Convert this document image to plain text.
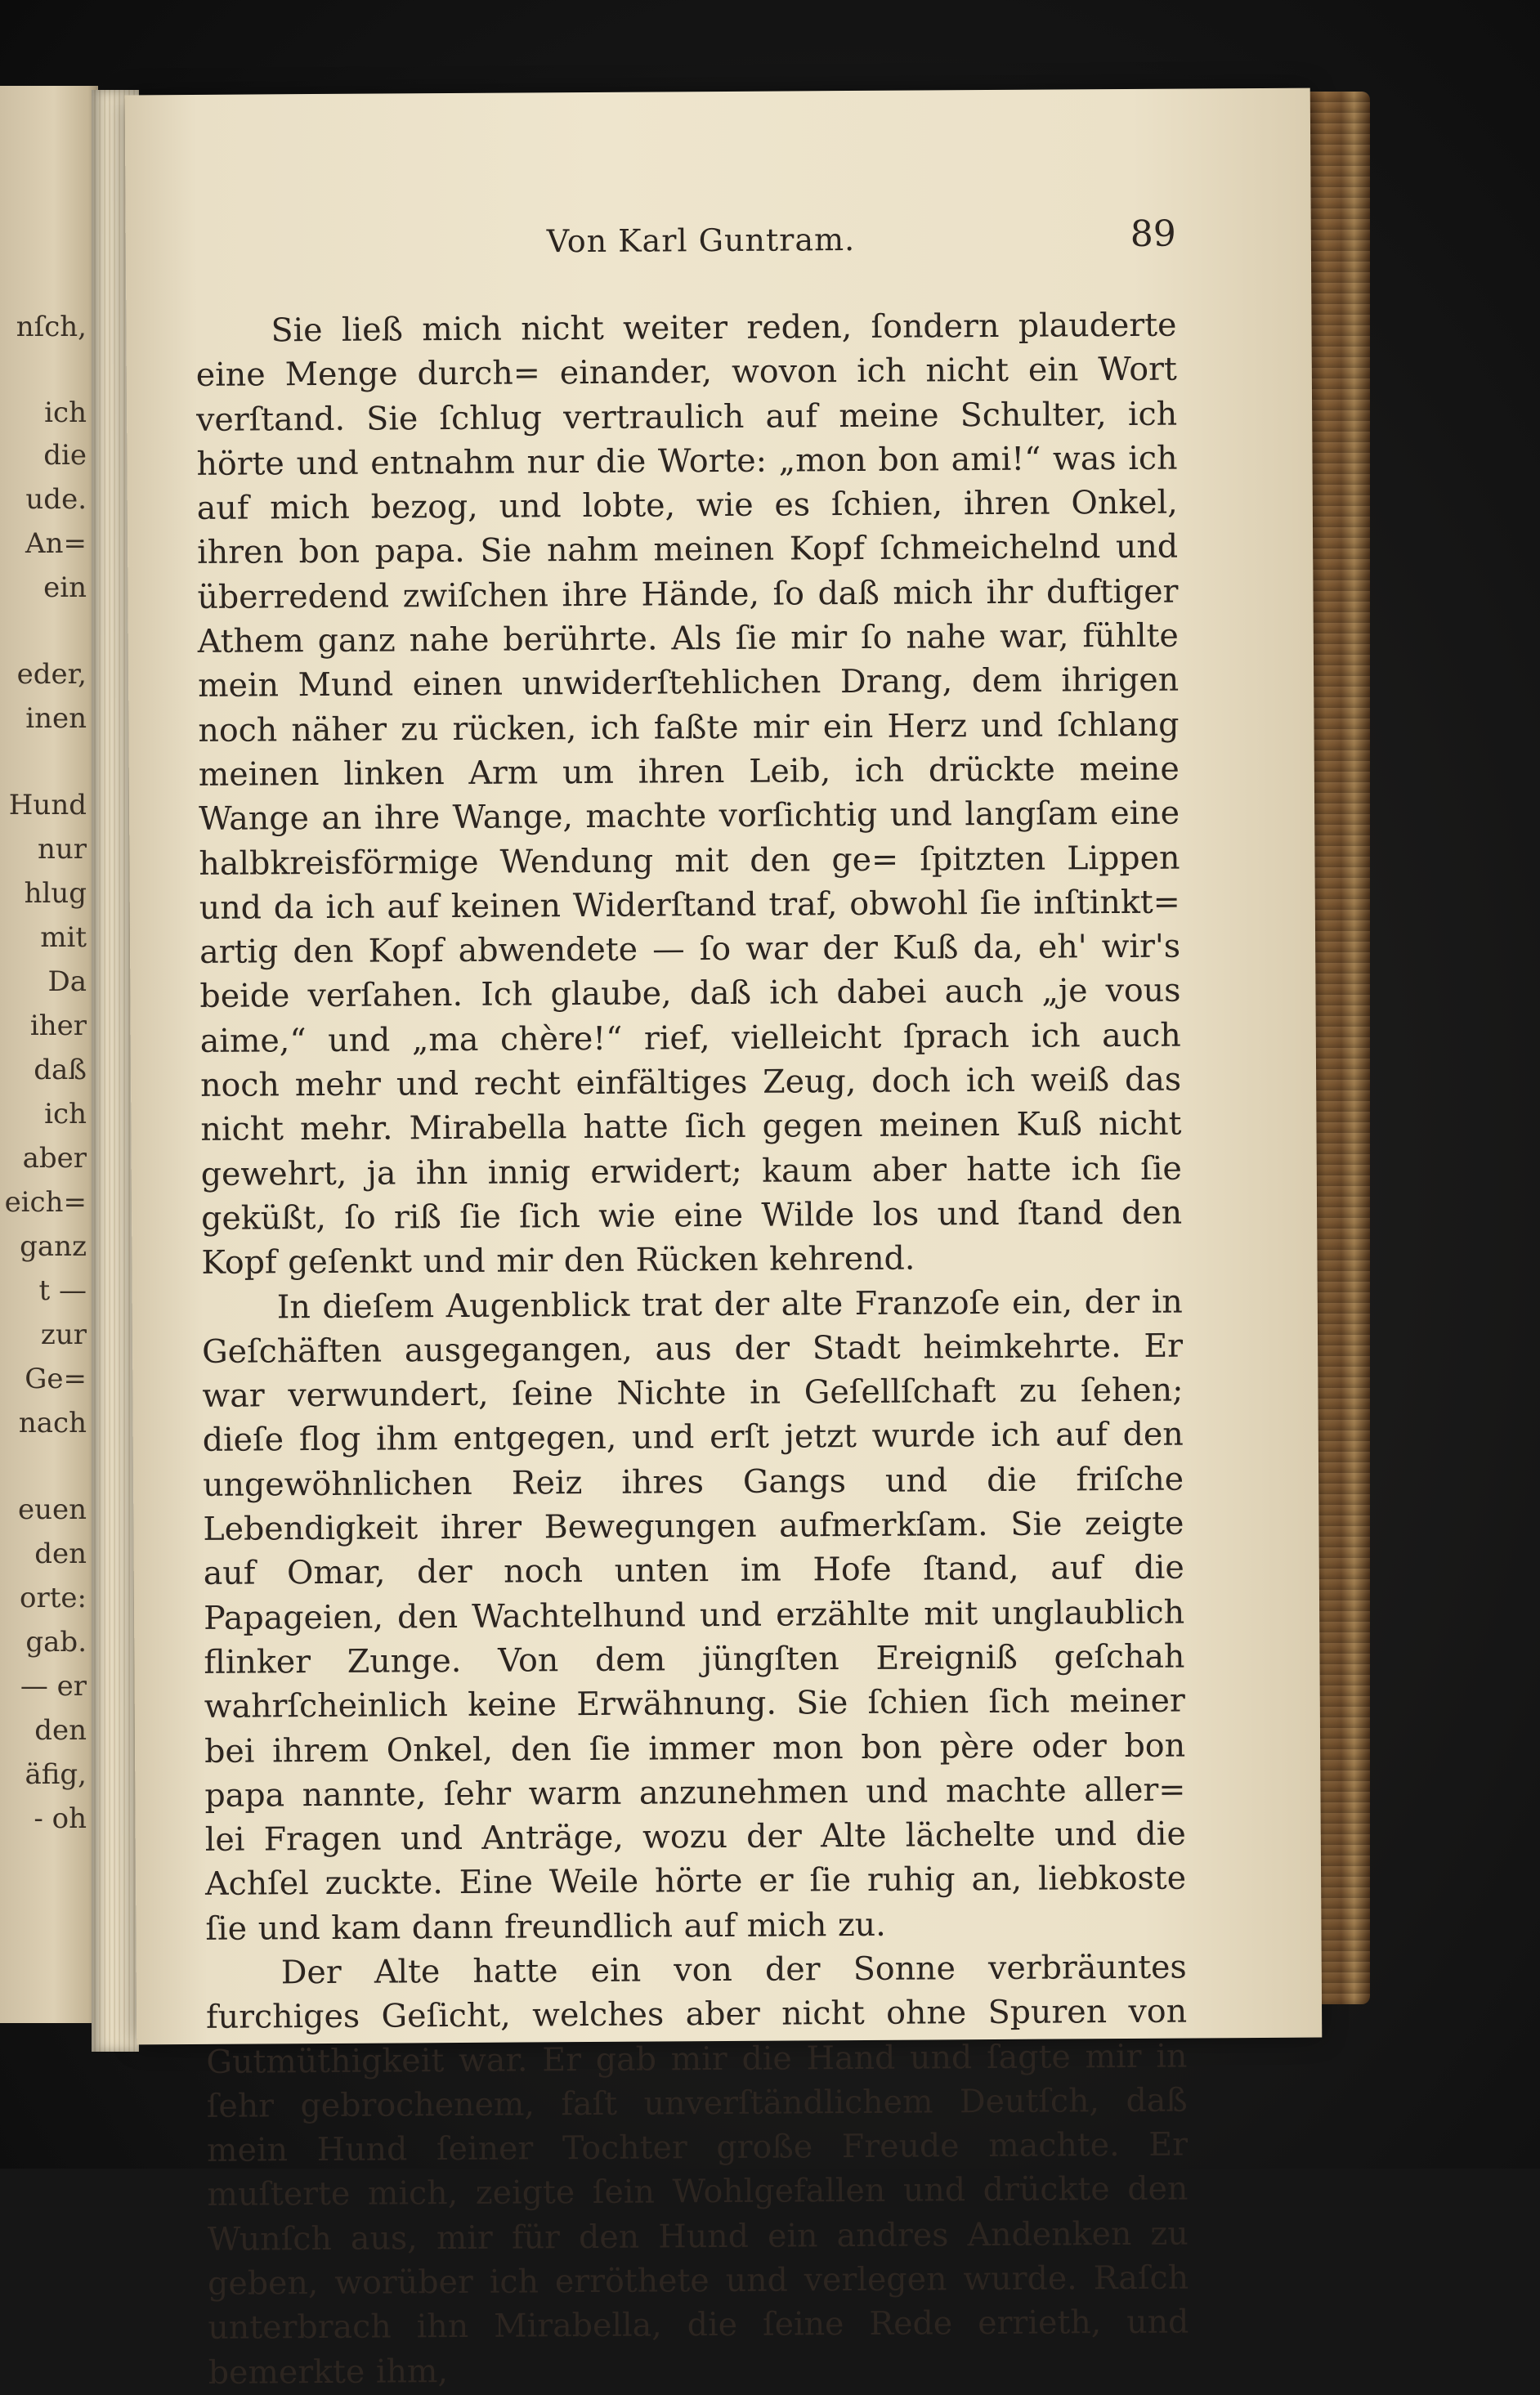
nſch,
ich
die
ude.
An=
ein
eder,
inen
Hund
nur
hlug
mit
Da
iher
daß
ich
aber
eich=
ganz
t —
zur
Ge=
nach
euen
den
orte:
gab.
— er
den
äfig,
- oh
Von Karl Guntram.	89

Sie ließ mich nicht weiter reden, ſondern plauderte eine Menge durch= einander, wovon ich nicht ein Wort verſtand. Sie ſchlug vertraulich auf meine Schulter, ich hörte und entnahm nur die Worte: „mon bon ami!“ was ich auf mich bezog, und lobte, wie es ſchien, ihren Onkel, ihren bon papa. Sie nahm meinen Kopf ſchmeichelnd und überredend zwiſchen ihre Hände, ſo daß mich ihr duftiger Athem ganz nahe berührte. Als ſie mir ſo nahe war, fühlte mein Mund einen unwiderſtehlichen Drang, dem ihrigen noch näher zu rücken, ich faßte mir ein Herz und ſchlang meinen linken Arm um ihren Leib, ich drückte meine Wange an ihre Wange, machte vorſichtig und langſam eine halbkreisförmige Wendung mit den ge= ſpitzten Lippen und da ich auf keinen Widerſtand traf, obwohl ſie inſtinkt= artig den Kopf abwendete — ſo war der Kuß da, eh' wir's beide verſahen. Ich glaube, daß ich dabei auch „je vous aime,“ und „ma chère!“ rief, vielleicht ſprach ich auch noch mehr und recht einfältiges Zeug, doch ich weiß das nicht mehr. Mirabella hatte ſich gegen meinen Kuß nicht gewehrt, ja ihn innig erwidert; kaum aber hatte ich ſie geküßt, ſo riß ſie ſich wie eine Wilde los und ſtand den Kopf geſenkt und mir den Rücken kehrend.

In dieſem Augenblick trat der alte Franzoſe ein, der in Geſchäften ausgegangen, aus der Stadt heimkehrte. Er war verwundert, ſeine Nichte in Geſellſchaft zu ſehen; dieſe flog ihm entgegen, und erſt jetzt wurde ich auf den ungewöhnlichen Reiz ihres Gangs und die friſche Lebendigkeit ihrer Bewegungen aufmerkſam. Sie zeigte auf Omar, der noch unten im Hofe ſtand, auf die Papageien, den Wachtelhund und erzählte mit unglaublich flinker Zunge. Von dem jüngſten Ereigniß geſchah wahrſcheinlich keine Erwähnung. Sie ſchien ſich meiner bei ihrem Onkel, den ſie immer mon bon père oder bon papa nannte, ſehr warm anzunehmen und machte aller= lei Fragen und Anträge, wozu der Alte lächelte und die Achſel zuckte. Eine Weile hörte er ſie ruhig an, liebkoste ſie und kam dann freundlich auf mich zu.

Der Alte hatte ein von der Sonne verbräuntes furchiges Geſicht, welches aber nicht ohne Spuren von Gutmüthigkeit war. Er gab mir die Hand und ſagte mir in ſehr gebrochenem, faſt unverſtändlichem Deutſch, daß mein Hund ſeiner Tochter große Freude machte. Er muſterte mich, zeigte ſein Wohlgefallen und drückte den Wunſch aus, mir für den Hund ein andres Andenken zu geben, worüber ich erröthete und verlegen wurde. Raſch unterbrach ihn Mirabella, die ſeine Rede errieth, und bemerkte ihm,
